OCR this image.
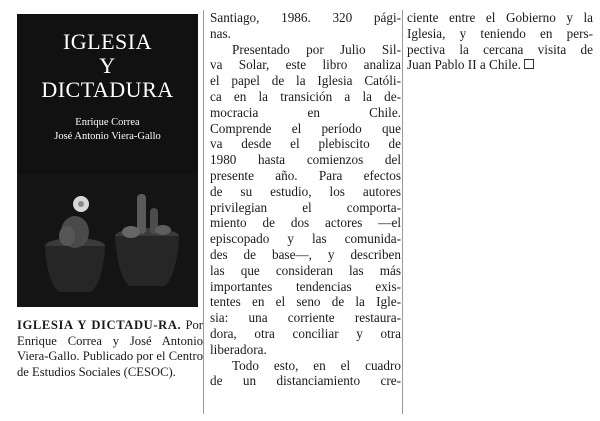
IGLESIA
Y
DICTADURA
Enrique Correa
José Antonio Viera-Gallo
IGLESIA Y DICTADU-RA. Por Enrique Correa y José Antonio Viera-Gallo. Publicado por el Centro de Estudios Sociales (CESOC).

Santiago, 1986. 320 pági-
nas.

Presentado por Julio Sil-
va Solar, este libro analiza
el papel de la Iglesia Católi-
ca en la transición a la de-
mocracia en Chile.
Comprende el período que
va desde el plebiscito de
1980 hasta comienzos del
presente año. Para efectos
de su estudio, los autores
privilegian el comporta-
miento de dos actores —el
episcopado y las comunida-
des de base—, y describen
las que consideran las más
importantes tendencias exis-
tentes en el seno de la Igle-
sia: una corriente restaura-
dora, otra conciliar y otra
liberadora.

Todo esto, en el cuadro
de un distanciamiento cre-

ciente entre el Gobierno y la
Iglesia, y teniendo en pers-
pectiva la cercana visita de
Juan Pablo II a Chile.
